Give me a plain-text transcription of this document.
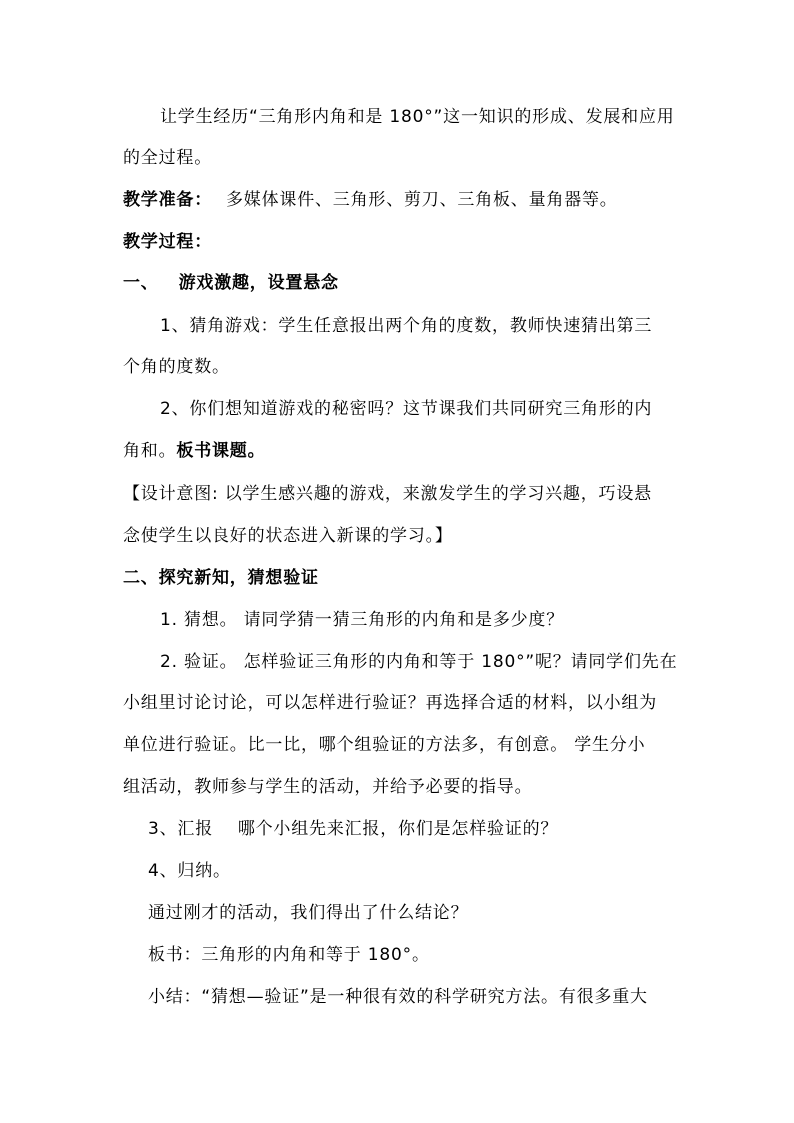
让学生经历“三角形内角和是 180°”这一知识的形成、发展和应用
的全过程。
教学准备： 多媒体课件、三角形、剪刀、三角板、量角器等。
教学过程：
一、 游戏激趣，设置悬念
1、猜角游戏：学生任意报出两个角的度数，教师快速猜出第三
个角的度数。
2、你们想知道游戏的秘密吗？这节课我们共同研究三角形的内
角和。板书课题。
【设计意图: 以学生感兴趣的游戏，来激发学生的学习兴趣，巧设悬
念使学生以良好的状态进入新课的学习。】
二、探究新知，猜想验证
1. 猜想。 请同学猜一猜三角形的内角和是多少度？
2. 验证。 怎样验证三角形的内角和等于 180°”呢？请同学们先在
小组里讨论讨论，可以怎样进行验证？再选择合适的材料，以小组为
单位进行验证。比一比，哪个组验证的方法多，有创意。 学生分小
组活动，教师参与学生的活动，并给予必要的指导。
3、汇报    哪个小组先来汇报，你们是怎样验证的？
4、归纳。
通过刚才的活动，我们得出了什么结论？
板书：三角形的内角和等于 180°。
小结：“猜想—验证”是一种很有效的科学研究方法。有很多重大
